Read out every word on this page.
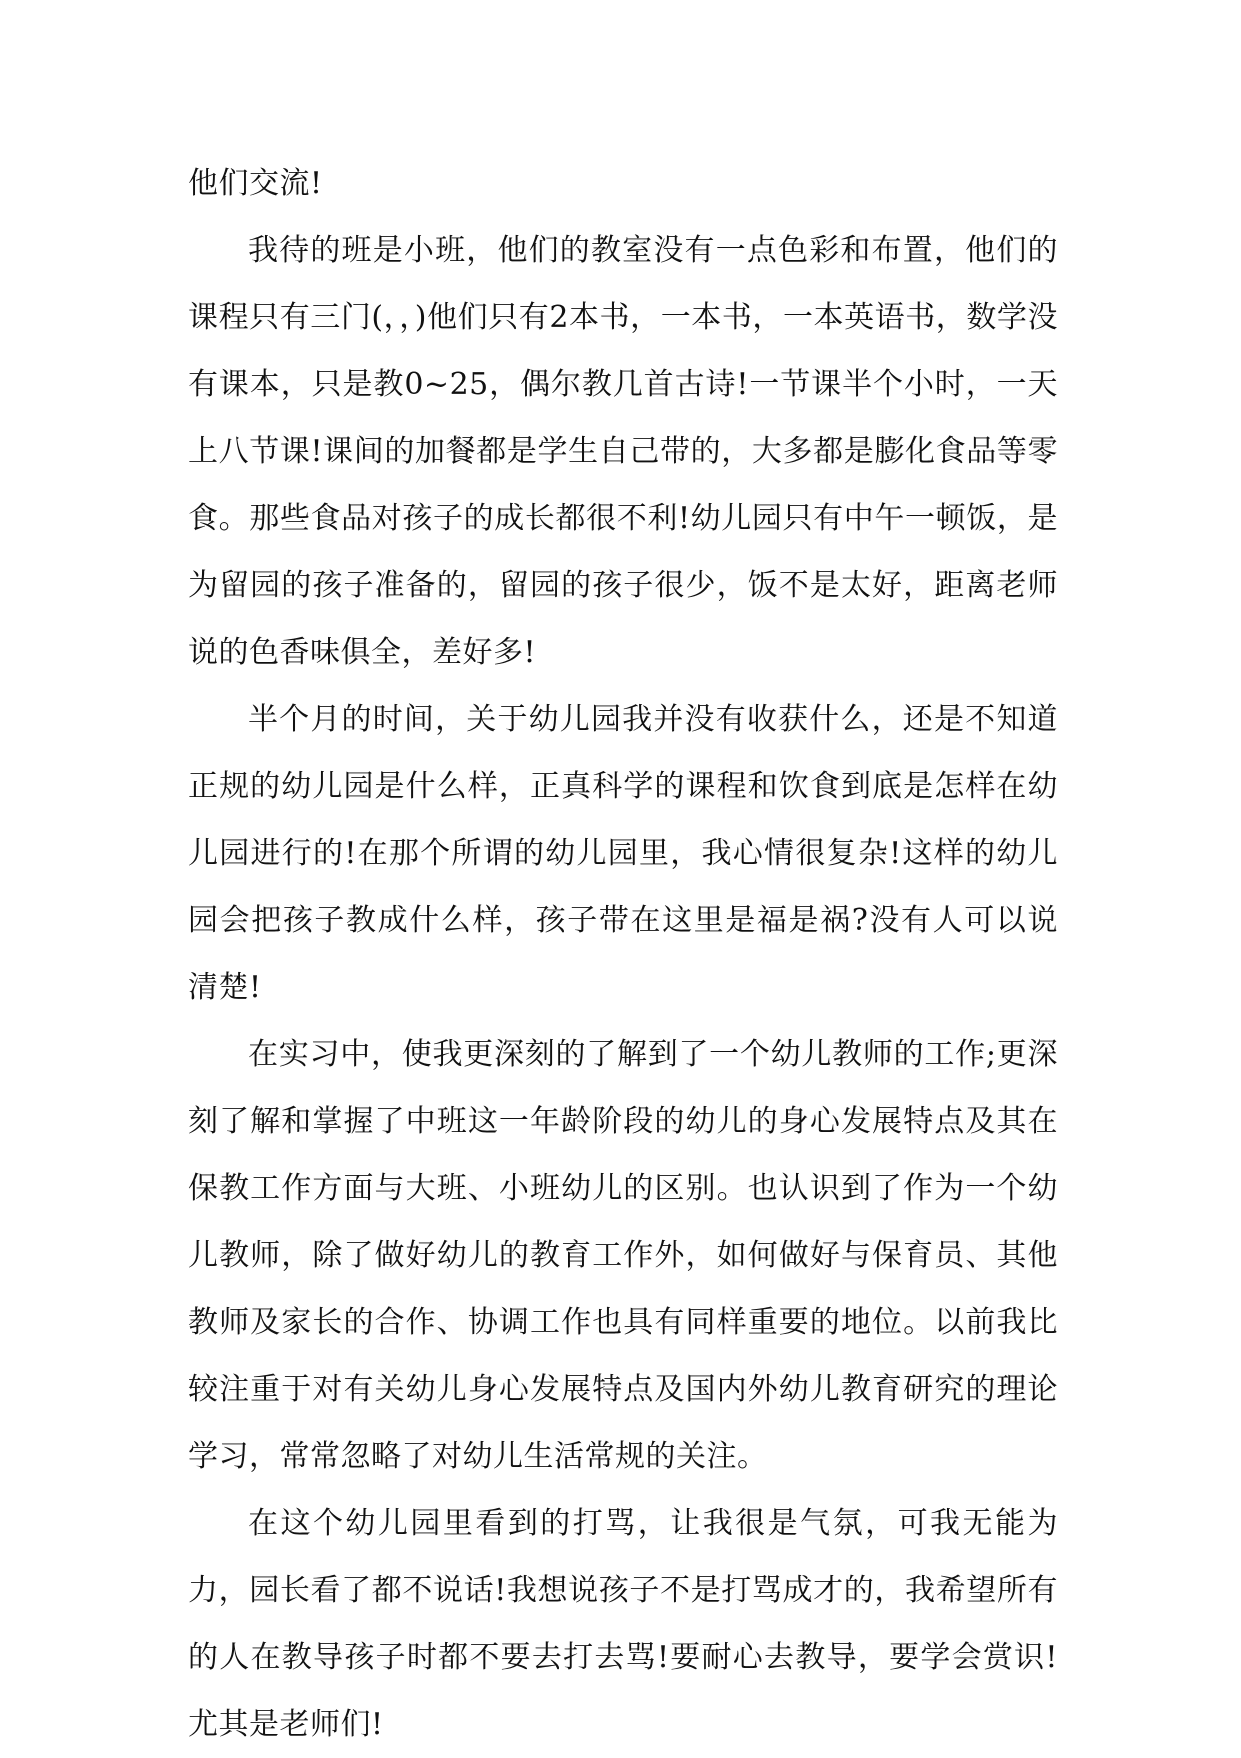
他们交流!

我待的班是小班，他们的教室没有一点色彩和布置，他们的课程只有三门(，，)他们只有2本书，一本书，一本英语书，数学没有课本，只是教0~25，偶尔教几首古诗!一节课半个小时，一天上八节课!课间的加餐都是学生自己带的，大多都是膨化食品等零食。那些食品对孩子的成长都很不利!幼儿园只有中午一顿饭，是为留园的孩子准备的，留园的孩子很少，饭不是太好，距离老师说的色香味俱全，差好多!

半个月的时间，关于幼儿园我并没有收获什么，还是不知道正规的幼儿园是什么样，正真科学的课程和饮食到底是怎样在幼儿园进行的!在那个所谓的幼儿园里，我心情很复杂!这样的幼儿园会把孩子教成什么样，孩子带在这里是福是祸?没有人可以说清楚!

在实习中，使我更深刻的了解到了一个幼儿教师的工作;更深刻了解和掌握了中班这一年龄阶段的幼儿的身心发展特点及其在保教工作方面与大班、小班幼儿的区别。也认识到了作为一个幼儿教师，除了做好幼儿的教育工作外，如何做好与保育员、其他教师及家长的合作、协调工作也具有同样重要的地位。以前我比较注重于对有关幼儿身心发展特点及国内外幼儿教育研究的理论学习，常常忽略了对幼儿生活常规的关注。

在这个幼儿园里看到的打骂，让我很是气氛，可我无能为力，园长看了都不说话!我想说孩子不是打骂成才的，我希望所有的人在教导孩子时都不要去打去骂!要耐心去教导，要学会赏识!尤其是老师们!
